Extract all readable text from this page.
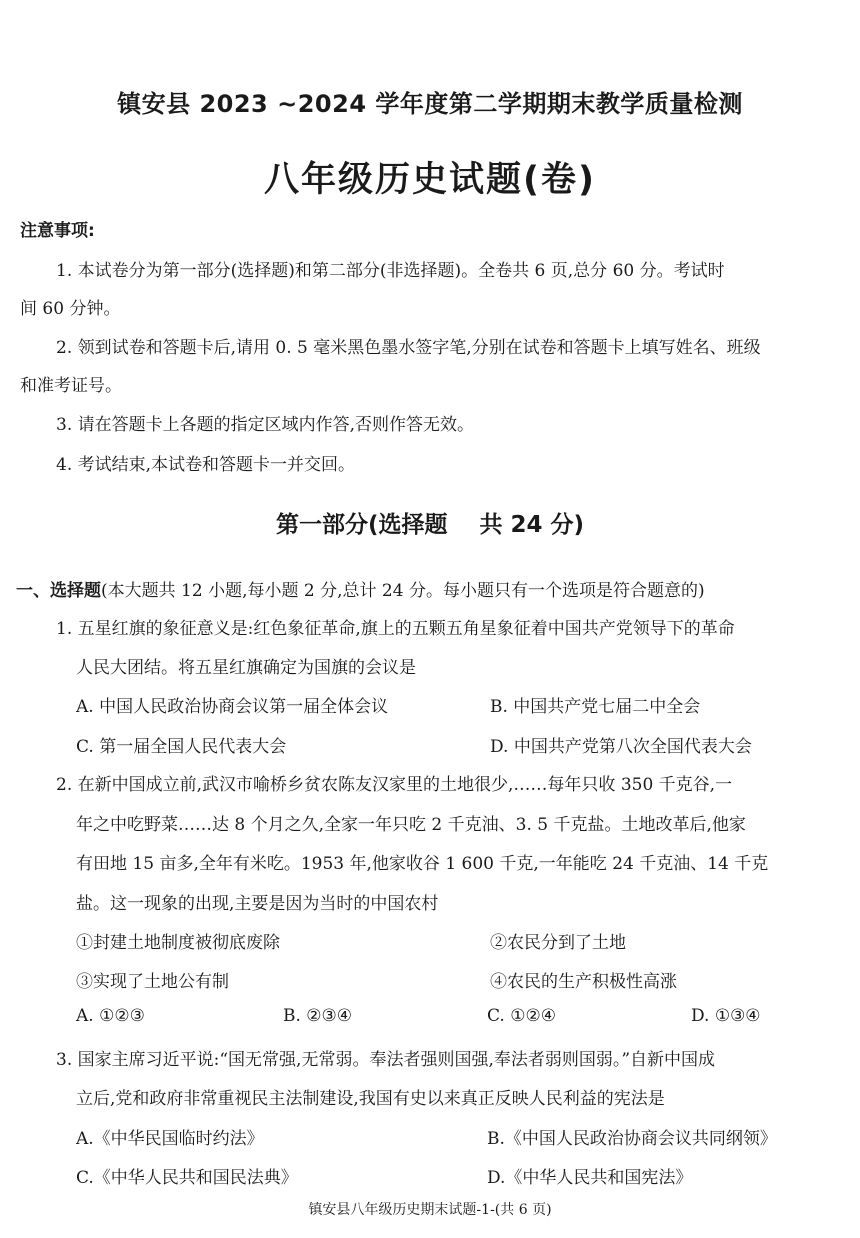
镇安县 2023 ~2024 学年度第二学期期末教学质量检测
八年级历史试题(卷)
注意事项:
1. 本试卷分为第一部分(选择题)和第二部分(非选择题)。全卷共 6 页,总分 60 分。考试时
间 60 分钟。
2. 领到试卷和答题卡后,请用 0. 5 毫米黑色墨水签字笔,分别在试卷和答题卡上填写姓名、班级
和准考证号。
3. 请在答题卡上各题的指定区域内作答,否则作答无效。
4. 考试结束,本试卷和答题卡一并交回。
第一部分(选择题    共 24 分)
一、选择题(本大题共 12 小题,每小题 2 分,总计 24 分。每小题只有一个选项是符合题意的)
1. 五星红旗的象征意义是:红色象征革命,旗上的五颗五角星象征着中国共产党领导下的革命
人民大团结。将五星红旗确定为国旗的会议是
A. 中国人民政治协商会议第一届全体会议	B. 中国共产党七届二中全会
C. 第一届全国人民代表大会	D. 中国共产党第八次全国代表大会
2. 在新中国成立前,武汉市喻桥乡贫农陈友汉家里的土地很少,……每年只收 350 千克谷,一
年之中吃野菜……达 8 个月之久,全家一年只吃 2 千克油、3. 5 千克盐。土地改革后,他家
有田地 15 亩多,全年有米吃。1953 年,他家收谷 1 600 千克,一年能吃 24 千克油、14 千克
盐。这一现象的出现,主要是因为当时的中国农村
①封建土地制度被彻底废除	②农民分到了土地
③实现了土地公有制	④农民的生产积极性高涨
A. ①②③	B. ②③④	C. ①②④	D. ①③④
3. 国家主席习近平说:“国无常强,无常弱。奉法者强则国强,奉法者弱则国弱。”自新中国成
立后,党和政府非常重视民主法制建设,我国有史以来真正反映人民利益的宪法是
A.《中华民国临时约法》	B.《中国人民政治协商会议共同纲领》
C.《中华人民共和国民法典》	D.《中华人民共和国宪法》
镇安县八年级历史期末试题-1-(共 6 页)
